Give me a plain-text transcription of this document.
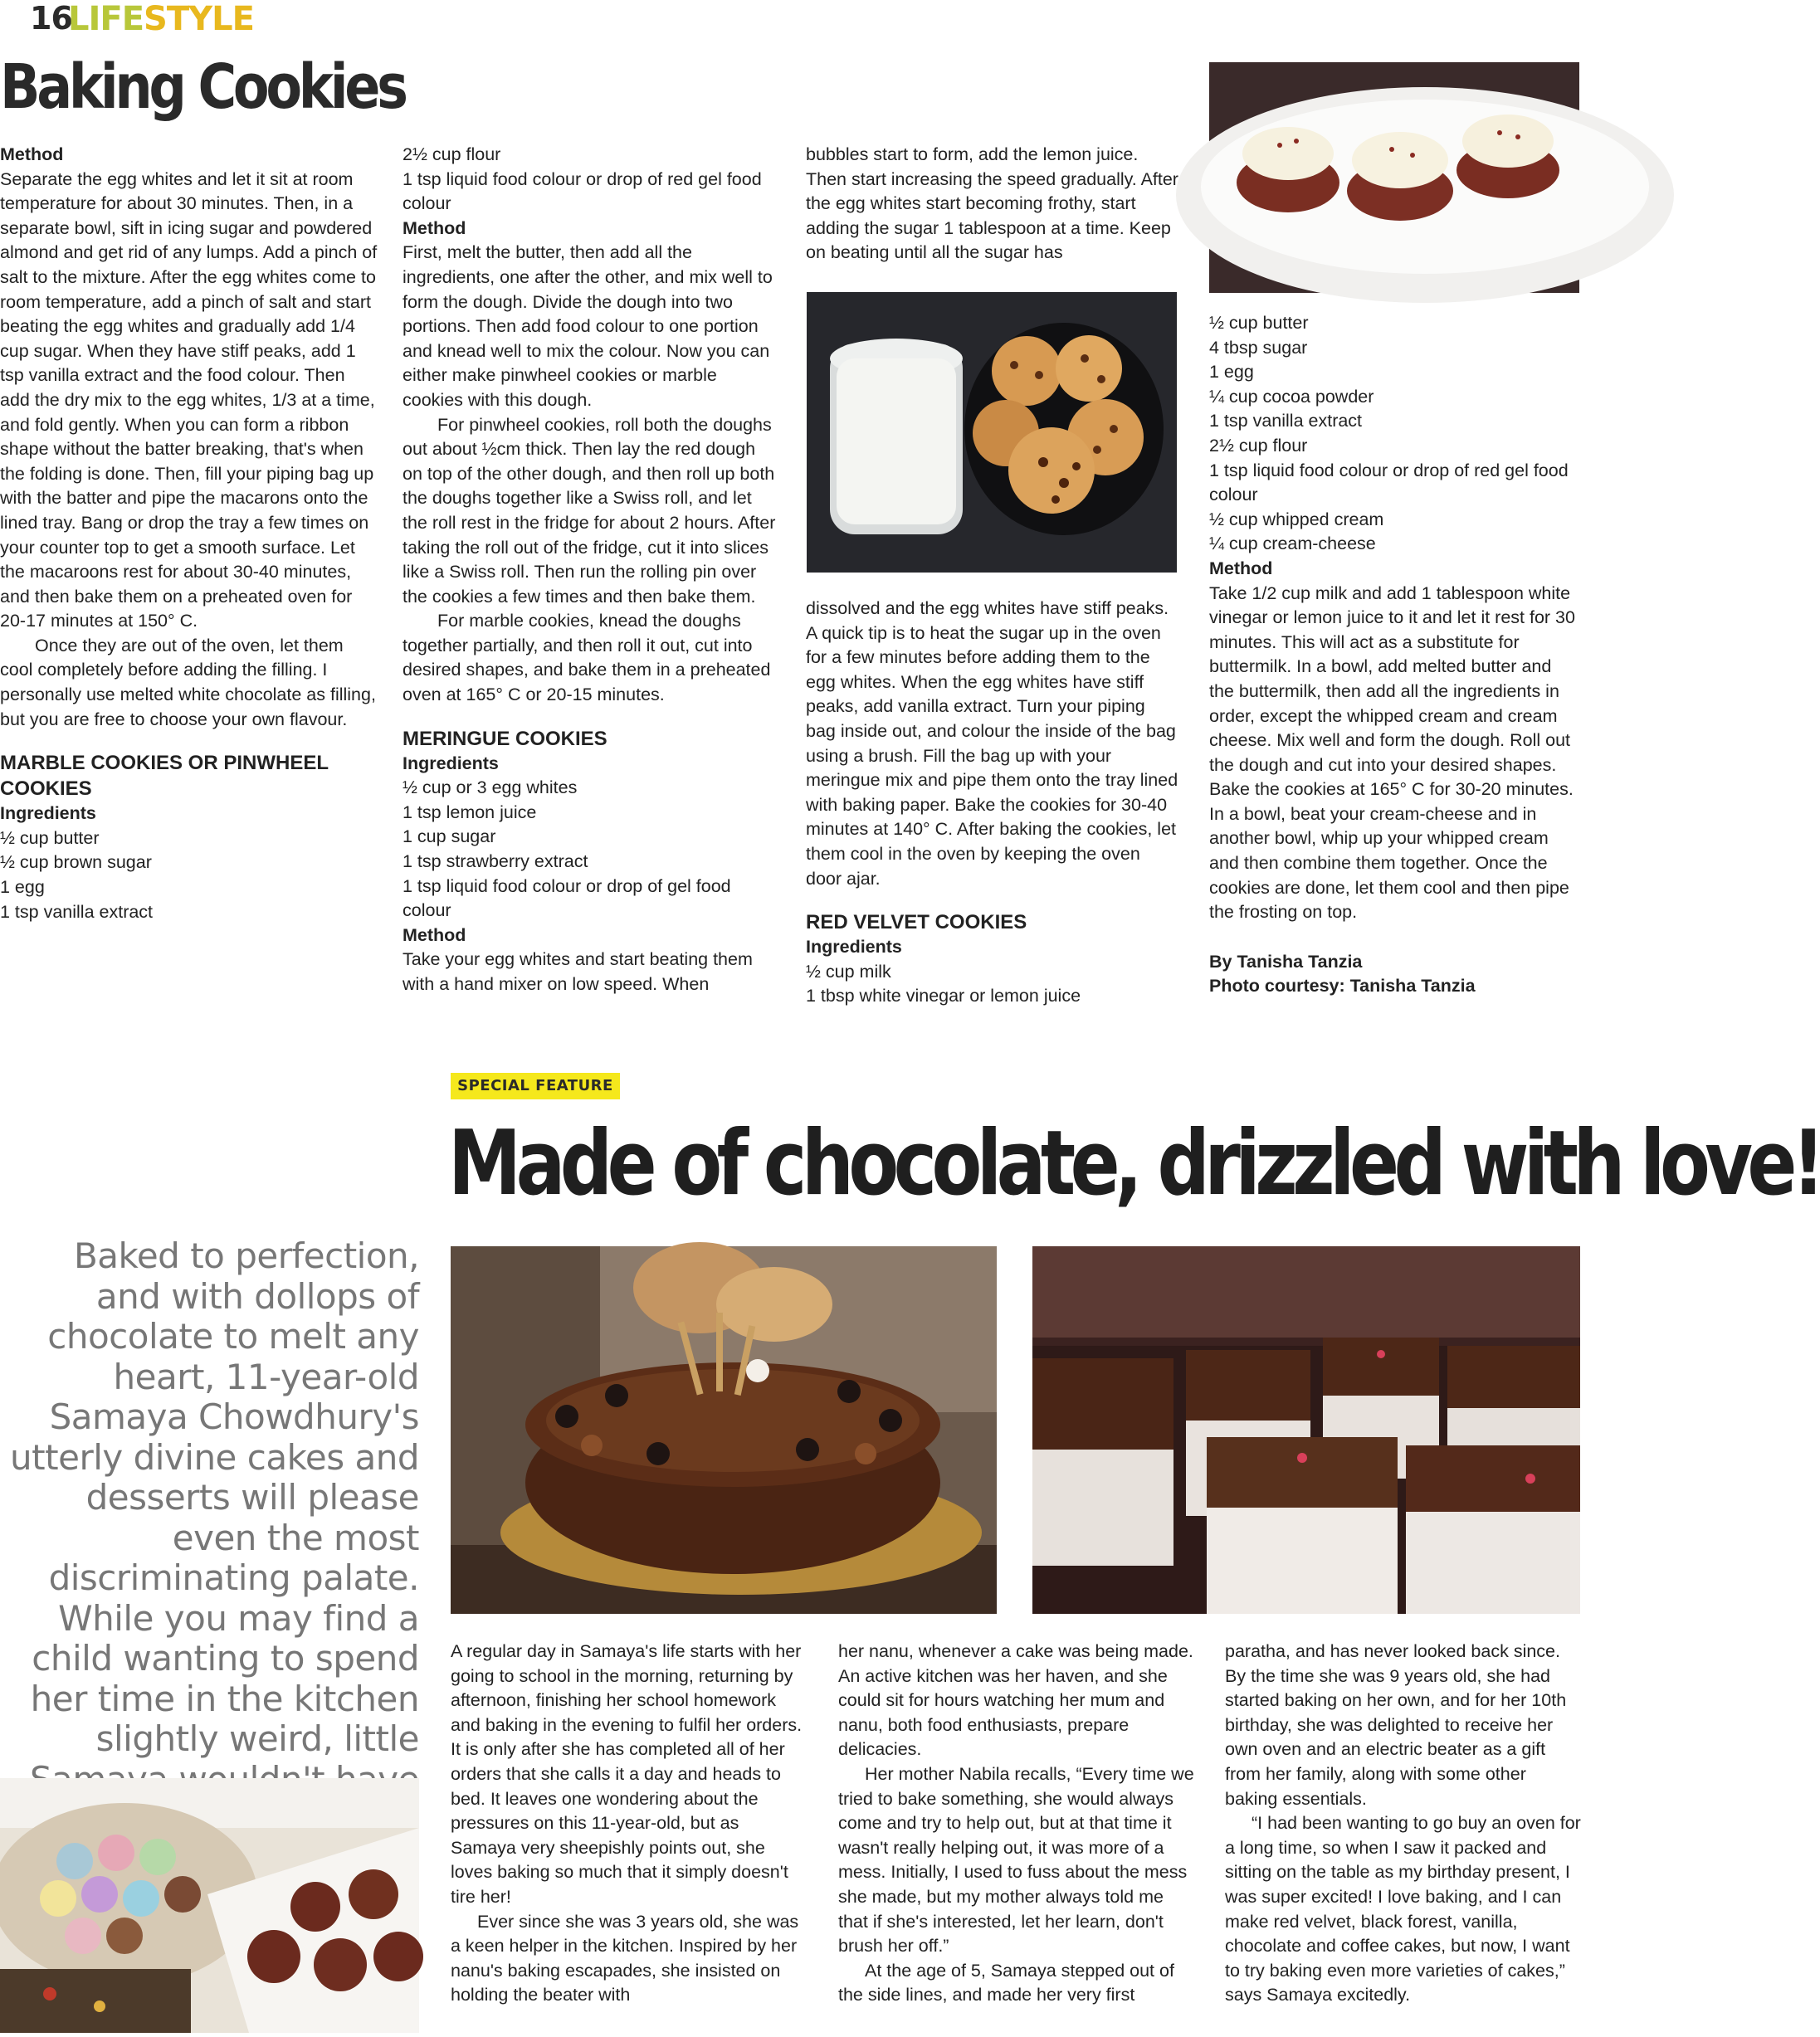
16
LIFESTYLE
Baking Cookies

Method

Separate the egg whites and let it sit at room temperature for about 30 minutes. Then, in a separate bowl, sift in icing sugar and powdered almond and get rid of any lumps. Add a pinch of salt to the mixture. After the egg whites come to room temperature, add a pinch of salt and start beating the egg whites and gradually add 1/4 cup sugar. When they have stiff peaks, add 1 tsp vanilla extract and the food colour. Then add the dry mix to the egg whites, 1/3 at a time, and fold gently. When you can form a ribbon shape without the batter breaking, that's when the folding is done. Then, fill your piping bag up with the batter and pipe the macarons onto the lined tray. Bang or drop the tray a few times on your counter top to get a smooth surface. Let the macaroons rest for about 30-40 minutes, and then bake them on a preheated oven for 20-17 minutes at 150° C.

Once they are out of the oven, let them cool completely before adding the filling. I personally use melted white chocolate as filling, but you are free to choose your own flavour.

MARBLE COOKIES OR PINWHEEL COOKIES

Ingredients

½ cup butter

½ cup brown sugar

1 egg

1 tsp vanilla extract

2½ cup flour

1 tsp liquid food colour or drop of red gel food colour

Method

First, melt the butter, then add all the ingredients, one after the other, and mix well to form the dough. Divide the dough into two portions. Then add food colour to one portion and knead well to mix the colour. Now you can either make pinwheel cookies or marble cookies with this dough.

For pinwheel cookies, roll both the doughs out about ½cm thick. Then lay the red dough on top of the other dough, and then roll up both the doughs together like a Swiss roll, and let the roll rest in the fridge for about 2 hours. After taking the roll out of the fridge, cut it into slices like a Swiss roll. Then run the rolling pin over the cookies a few times and then bake them.

For marble cookies, knead the doughs together partially, and then roll it out, cut into desired shapes, and bake them in a preheated oven at 165° C or 20-15 minutes.

MERINGUE COOKIES

Ingredients

½ cup or 3 egg whites

1 tsp lemon juice

1 cup sugar

1 tsp strawberry extract

1 tsp liquid food colour or drop of gel food colour

Method

Take your egg whites and start beating them with a hand mixer on low speed. When

bubbles start to form, add the lemon juice. Then start increasing the speed gradually. After the egg whites start becoming frothy, start adding the sugar 1 tablespoon at a time. Keep on beating until all the sugar has

dissolved and the egg whites have stiff peaks. A quick tip is to heat the sugar up in the oven for a few minutes before adding them to the egg whites. When the egg whites have stiff peaks, add vanilla extract. Turn your piping bag inside out, and colour the inside of the bag using a brush. Fill the bag up with your meringue mix and pipe them onto the tray lined with baking paper. Bake the cookies for 30-40 minutes at 140° C. After baking the cookies, let them cool in the oven by keeping the oven door ajar.

RED VELVET COOKIES

Ingredients

½ cup milk

1 tbsp white vinegar or lemon juice

½ cup butter

4 tbsp sugar

1 egg

¼ cup cocoa powder

1 tsp vanilla extract

2½ cup flour

1 tsp liquid food colour or drop of red gel food colour

½ cup whipped cream

¼ cup cream-cheese

Method

Take 1/2 cup milk and add 1 tablespoon white vinegar or lemon juice to it and let it rest for 30 minutes. This will act as a substitute for buttermilk. In a bowl, add melted butter and the buttermilk, then add all the ingredients in order, except the whipped cream and cream cheese. Mix well and form the dough. Roll out the dough and cut into your desired shapes. Bake the cookies at 165° C for 30-20 minutes. In a bowl, beat your cream-cheese and in another bowl, whip up your whipped cream and then combine them together. Once the cookies are done, let them cool and then pipe the frosting on top.

By Tanisha Tanzia

Photo courtesy: Tanisha Tanzia

SPECIAL FEATURE
Made of chocolate, drizzled with love!
Baked to perfection, and with dollops of chocolate to melt any heart, 11-year-old Samaya Chowdhury's utterly divine cakes and desserts will please even the most discriminating palate. While you may find a child wanting to spend her time in the kitchen slightly weird, little

A regular day in Samaya's life starts with her going to school in the morning, returning by afternoon, finishing her school homework and baking in the evening to fulfil her orders. It is only after she has completed all of her orders that she calls it a day and heads to bed. It leaves one wondering about the pressures on this 11-year-old, but as Samaya very sheepishly points out, she loves baking so much that it simply doesn't tire her!

Ever since she was 3 years old, she was a keen helper in the kitchen. Inspired by her nanu's baking escapades, she insisted on holding the beater with

her nanu, whenever a cake was being made. An active kitchen was her haven, and she could sit for hours watching her mum and nanu, both food enthusiasts, prepare delicacies.

Her mother Nabila recalls, “Every time we tried to bake something, she would always come and try to help out, but at that time it wasn't really helping out, it was more of a mess. Initially, I used to fuss about the mess she made, but my mother always told me that if she's interested, let her learn, don't brush her off.”

At the age of 5, Samaya stepped out of the side lines, and made her very first

paratha, and has never looked back since. By the time she was 9 years old, she had started baking on her own, and for her 10th birthday, she was delighted to receive her own oven and an electric beater as a gift from her family, along with some other baking essentials.

“I had been wanting to go buy an oven for a long time, so when I saw it packed and sitting on the table as my birthday present, I was super excited! I love baking, and I can make red velvet, black forest, vanilla, chocolate and coffee cakes, but now, I want to try baking even more varieties of cakes,” says Samaya excitedly.
